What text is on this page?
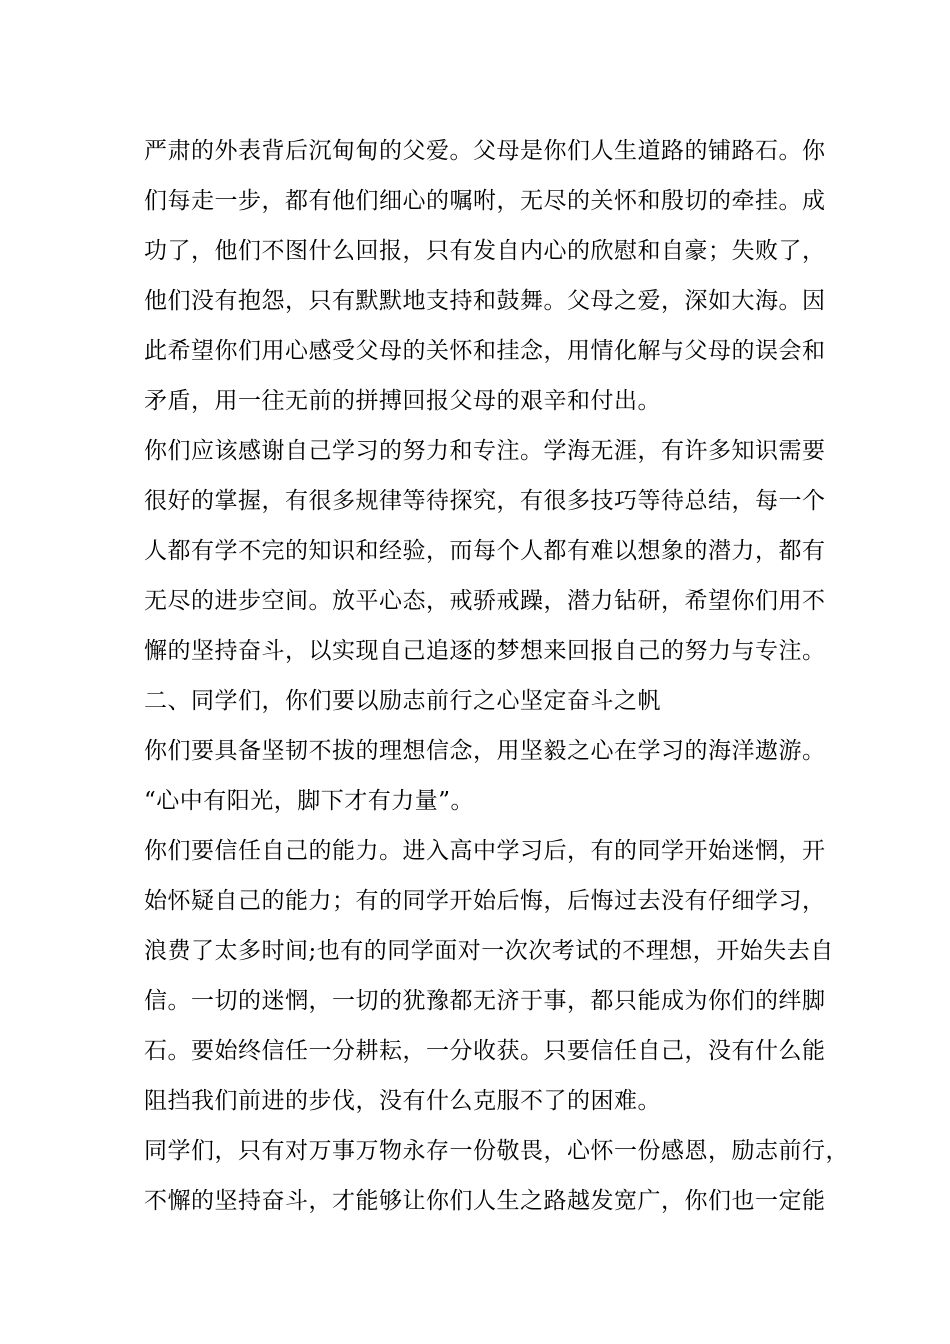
严肃的外表背后沉甸甸的父爱。父母是你们人生道路的铺路石。你
们每走一步，都有他们细心的嘱咐，无尽的关怀和殷切的牵挂。成
功了，他们不图什么回报，只有发自内心的欣慰和自豪；失败了，
他们没有抱怨，只有默默地支持和鼓舞。父母之爱，深如大海。因
此希望你们用心感受父母的关怀和挂念，用情化解与父母的误会和
矛盾，用一往无前的拼搏回报父母的艰辛和付出。
你们应该感谢自己学习的努力和专注。学海无涯，有许多知识需要
很好的掌握，有很多规律等待探究，有很多技巧等待总结，每一个
人都有学不完的知识和经验，而每个人都有难以想象的潜力，都有
无尽的进步空间。放平心态，戒骄戒躁，潜力钻研，希望你们用不
懈的坚持奋斗，以实现自己追逐的梦想来回报自己的努力与专注。
二、同学们，你们要以励志前行之心坚定奋斗之帆
你们要具备坚韧不拔的理想信念，用坚毅之心在学习的海洋遨游。
“心中有阳光，脚下才有力量”。
你们要信任自己的能力。进入高中学习后，有的同学开始迷惘，开
始怀疑自己的能力；有的同学开始后悔，后悔过去没有仔细学习，
浪费了太多时间;也有的同学面对一次次考试的不理想，开始失去自
信。一切的迷惘，一切的犹豫都无济于事，都只能成为你们的绊脚
石。要始终信任一分耕耘，一分收获。只要信任自己，没有什么能
阻挡我们前进的步伐，没有什么克服不了的困难。
同学们，只有对万事万物永存一份敬畏，心怀一份感恩，励志前行，
不懈的坚持奋斗，才能够让你们人生之路越发宽广，你们也一定能
